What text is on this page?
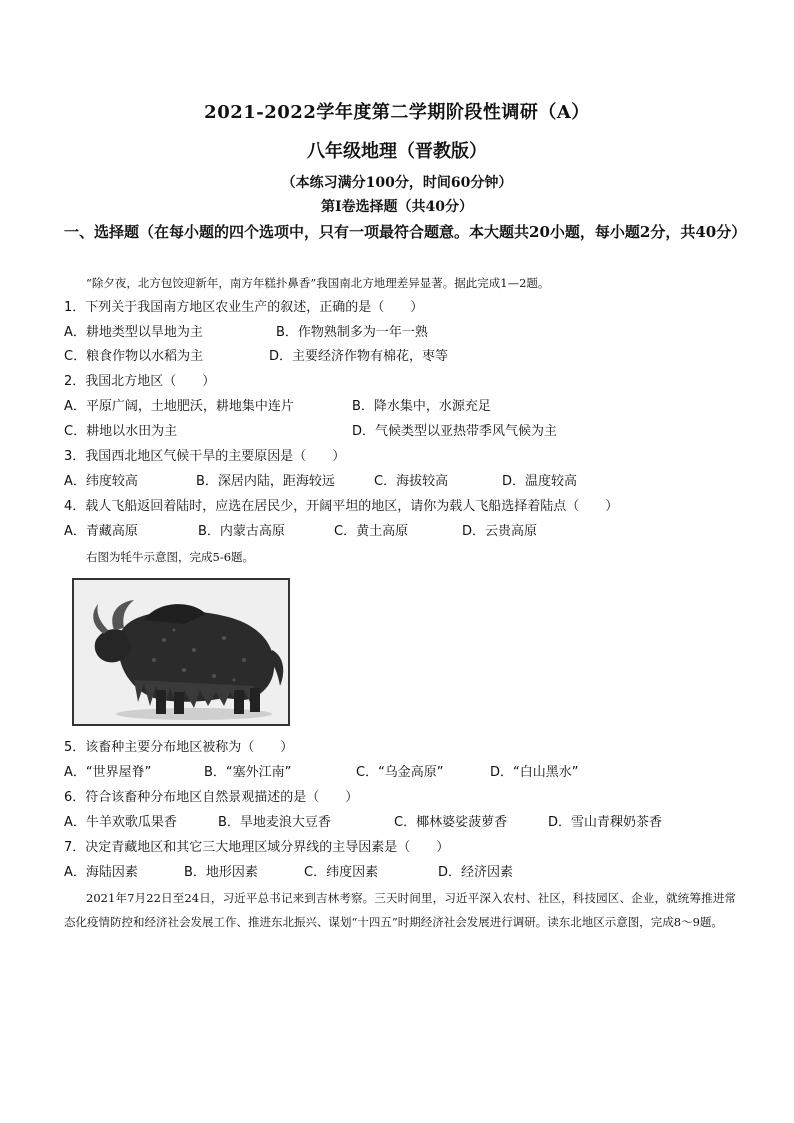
2021-2022学年度第二学期阶段性调研（A）
八年级地理（晋教版）
（本练习满分100分，时间60分钟）
第Ⅰ卷选择题（共40分）
一、选择题（在每小题的四个选项中，只有一项最符合题意。本大题共20小题，每小题2分，共40分）
“除夕夜，北方包饺迎新年，南方年糕扑鼻香”我国南北方地理差异显著。据此完成1—2题。
1．下列关于我国南方地区农业生产的叙述，正确的是（　　）
A．耕地类型以旱地为主	B．作物熟制多为一年一熟
C．粮食作物以水稻为主	D．主要经济作物有棉花，枣等
2．我国北方地区（　　）
A．平原广阔，土地肥沃，耕地集中连片	B．降水集中，水源充足
C．耕地以水田为主	D．气候类型以亚热带季风气候为主
3．我国西北地区气候干旱的主要原因是（　　）
A．纬度较高	B．深居内陆，距海较远	C．海拔较高	D．温度较高
4．载人飞船返回着陆时，应选在居民少，开阔平坦的地区，请你为载人飞船选择着陆点（　　）
A．青藏高原	B．内蒙古高原	C．黄土高原	D．云贵高原
右图为牦牛示意图，完成5-6题。
5．该畜种主要分布地区被称为（　　）
A．“世界屋脊”	B．“塞外江南”	C．“乌金高原”	D．“白山黑水”
6．符合该畜种分布地区自然景观描述的是（　　）
A．牛羊欢歌瓜果香	B．旱地麦浪大豆香	C．椰林婆娑菠萝香	D．雪山青稞奶茶香
7．决定青藏地区和其它三大地理区域分界线的主导因素是（　　）
A．海陆因素	B．地形因素	C．纬度因素	D．经济因素
2021年7月22日至24日，习近平总书记来到吉林考察。三天时间里，习近平深入农村、社区，科技园区、企业，就统筹推进常态化疫情防控和经济社会发展工作、推进东北振兴、谋划“十四五”时期经济社会发展进行调研。读东北地区示意图，完成8～9题。
